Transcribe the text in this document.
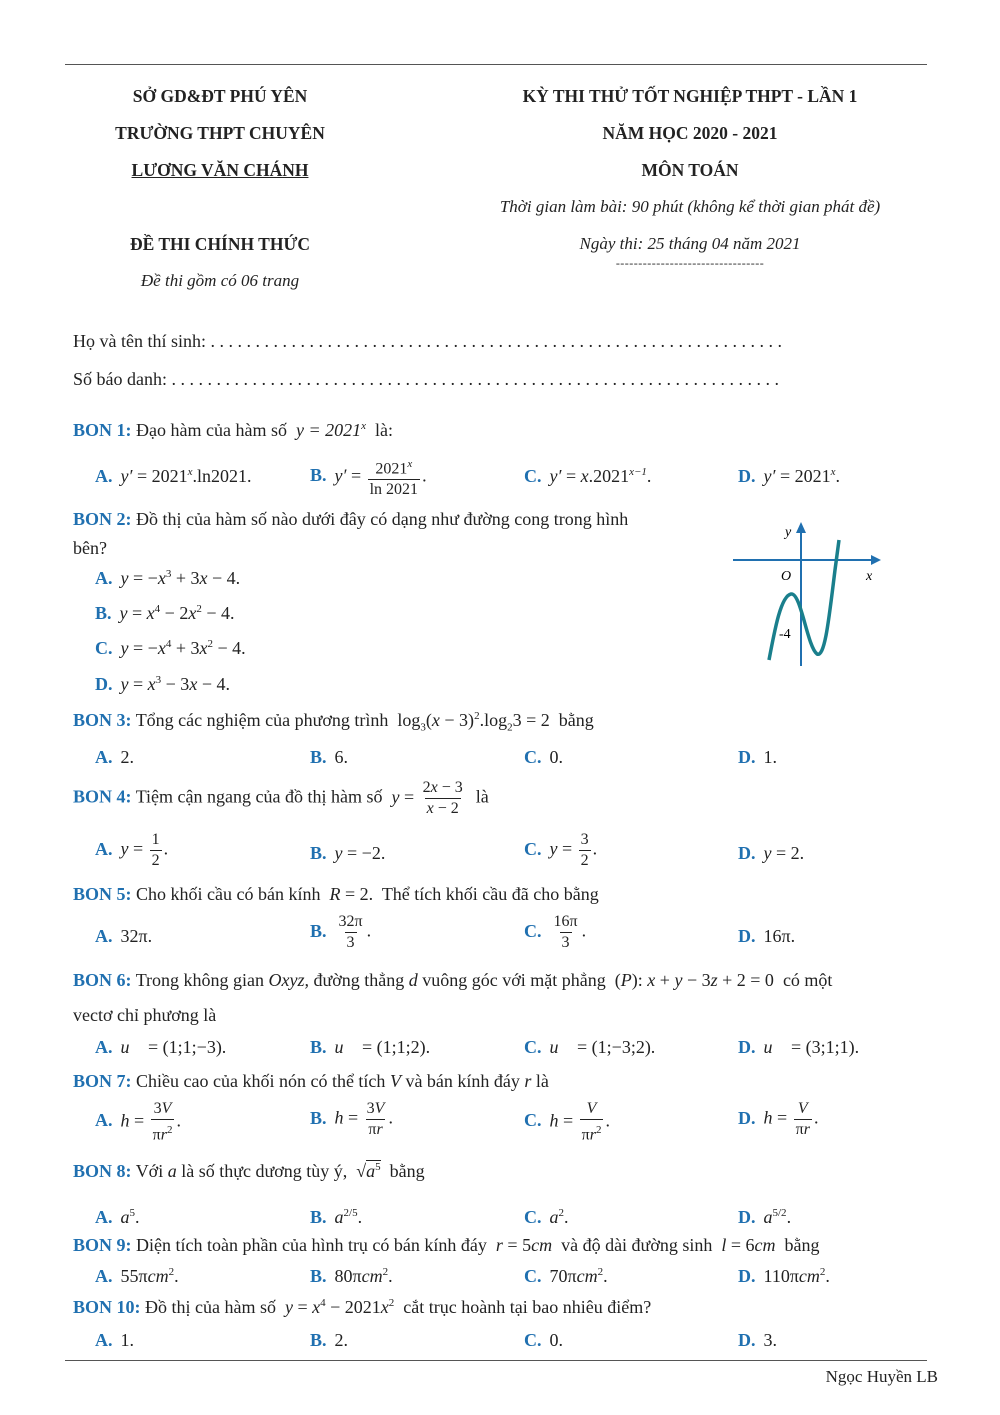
SỞ GD&ĐT PHÚ YÊN
TRƯỜNG THPT CHUYÊN
LƯƠNG VĂN CHÁNH
ĐỀ THI CHÍNH THỨC
Đề thi gồm có 06 trang
KỲ THI THỬ TỐT NGHIỆP THPT - LẦN 1
NĂM HỌC 2020 - 2021
MÔN TOÁN
Thời gian làm bài: 90 phút (không kể thời gian phát đề)
Ngày thi: 25 tháng 04 năm 2021
---------------------------------
Họ và tên thí sinh: . . . . . . . . . . . . . . . . . . . . . . . . . . . . . . . . . . . . . . . . . . . . . . . . . . . . . . . . . . . . . . . .
Số báo danh: . . . . . . . . . . . . . . . . . . . . . . . . . . . . . . . . . . . . . . . . . . . . . . . . . . . . . . . . . . . . . . . . . . . .
BON 1: Đạo hàm của hàm số  $y = 2021^x$ là:
A. $y' = 2021^x.\ln 2021$.	B. $y' = \frac{2021^x}{\ln 2021}$ .	C. $y' = x.2021^{x-1}$.	D. $y' = 2021^x$.
BON 2: Đồ thị của hàm số nào dưới đây có dạng như đường cong trong hình
bên?
A. $y = -x^3 + 3x - 4$.
B. $y = x^4 - 2x^2 - 4$.
C. $y = -x^4 + 3x^2 - 4$.
D. $y = x^3 - 3x - 4$.
y
x
O
-4
BON 3: Tổng các nghiệm của phương trình  $\log_3(x - 3)^2.\log_23 = 2$  bằng
A. 2.	B. 6.	C. 0.	D. 1.
BON 4: Tiệm cận ngang của đồ thị hàm số $y = \frac{2x - 3}{x - 2}$ là
A. $y = \frac{1}{2}$ .	B. y = −2.	C. $y = \frac{3}{2}$ .	D. y = 2.
BON 5: Cho khối cầu có bán kính R = 2.  Thể tích khối cầu đã cho bằng
A. 32π.	B. $\frac{32\pi}{3}$ .	C. $\frac{16\pi}{3}$ .	D. 16π.
BON 6: Trong không gian Oxyz, đường thẳng d vuông góc với mặt phẳng  (P): x + y − 3z + 2 = 0  có một
vectơ chỉ phương là
A. u⃗ = (1;1;−3).	B. u⃗ = (1;1;2).	C. u⃗ = (1;−3;2).	D. u⃗ = (3;1;1).
BON 7: Chiều cao của khối nón có thể tích V và bán kính đáy r là
A. $h = \frac{3V}{\pi r^2}$ .	B. $h = \frac{3V}{\pi r}$ .	C. $h = \frac{V}{\pi r^2}$ .	D. $h = \frac{V}{\pi r}$ .
BON 8: Với a là số thực dương tùy ý,  $√a^5$ bằng
A. $a^5$.	B. $a^{2/5}$.	C. $a^2$.	D. $a^{5/2}$.
BON 9: Diện tích toàn phần của hình trụ có bán kính đáy r = 5cm và độ dài đường sinh l = 6cm bằng
A. 55πcm$^2$.	B. 80πcm$^2$.	C. 70πcm$^2$.	D. 110πcm$^2$.
BON 10: Đồ thị của hàm số $y = x^4 - 2021x^2$ cắt trục hoành tại bao nhiêu điểm?
A. 1.	B. 2.	C. 0.	D. 3.
Ngọc Huyền LB
